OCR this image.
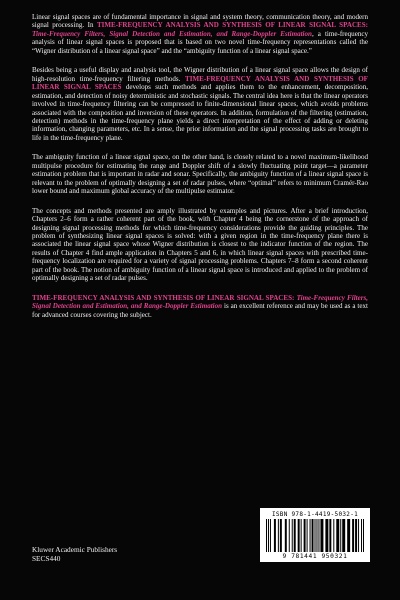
Linear signal spaces are of fundamental importance in signal and system theory, communication theory, and modern signal processing. In TIME-FREQUENCY ANALYSIS AND SYNTHESIS OF LINEAR SIGNAL SPACES: Time-Frequency Filters, Signal Detection and Estimation, and Range-Doppler Estimation, a time-frequency analysis of linear signal spaces is proposed that is based on two novel time-frequency representations called the “Wigner distribution of a linear signal space” and the “ambiguity function of a linear signal space.”

Besides being a useful display and analysis tool, the Wigner distribution of a linear signal space allows the design of high-resolution time-frequency filtering methods. TIME-FREQUENCY ANALYSIS AND SYNTHESIS OF LINEAR SIGNAL SPACES develops such methods and applies them to the enhancement, decomposition, estimation, and detection of noisy deterministic and stochastic signals. The central idea here is that the linear operators involved in time-frequency filtering can be compressed to finite-dimensional linear spaces, which avoids problems associated with the composition and inversion of these operators. In addition, formulation of the filtering (estimation, detection) methods in the time-frequency plane yields a direct interpretation of the effect of adding or deleting information, changing parameters, etc. In a sense, the prior information and the signal processing tasks are brought to life in the time-frequency plane.

The ambiguity function of a linear signal space, on the other hand, is closely related to a novel maximum-likelihood multipulse procedure for estimating the range and Doppler shift of a slowly fluctuating point target—a parameter estimation problem that is important in radar and sonar. Specifically, the ambiguity function of a linear signal space is relevant to the problem of optimally designing a set of radar pulses, where “optimal” refers to minimum Cramér-Rao lower bound and maximum global accuracy of the multipulse estimator.

The concepts and methods presented are amply illustrated by examples and pictures. After a brief introduction, Chapters 2–6 form a rather coherent part of the book, with Chapter 4 being the cornerstone of the approach of designing signal processing methods for which time-frequency considerations provide the guiding principles. The problem of synthesizing linear signal spaces is solved: with a given region in the time-frequency plane there is associated the linear signal space whose Wigner distribution is closest to the indicator function of the region. The results of Chapter 4 find ample application in Chapters 5 and 6, in which linear signal spaces with prescribed time-frequency localization are required for a variety of signal processing problems. Chapters 7–8 form a second coherent part of the book. The notion of ambiguity function of a linear signal space is introduced and applied to the problem of optimally designing a set of radar pulses.

TIME-FREQUENCY ANALYSIS AND SYNTHESIS OF LINEAR SIGNAL SPACES: Time-Frequency Filters, Signal Detection and Estimation, and Range-Doppler Estimation is an excellent reference and may be used as a text for advanced courses covering the subject.

ISBN 978-1-4419-5032-1
9 781441 950321
Kluwer Academic Publishers
SECS440
